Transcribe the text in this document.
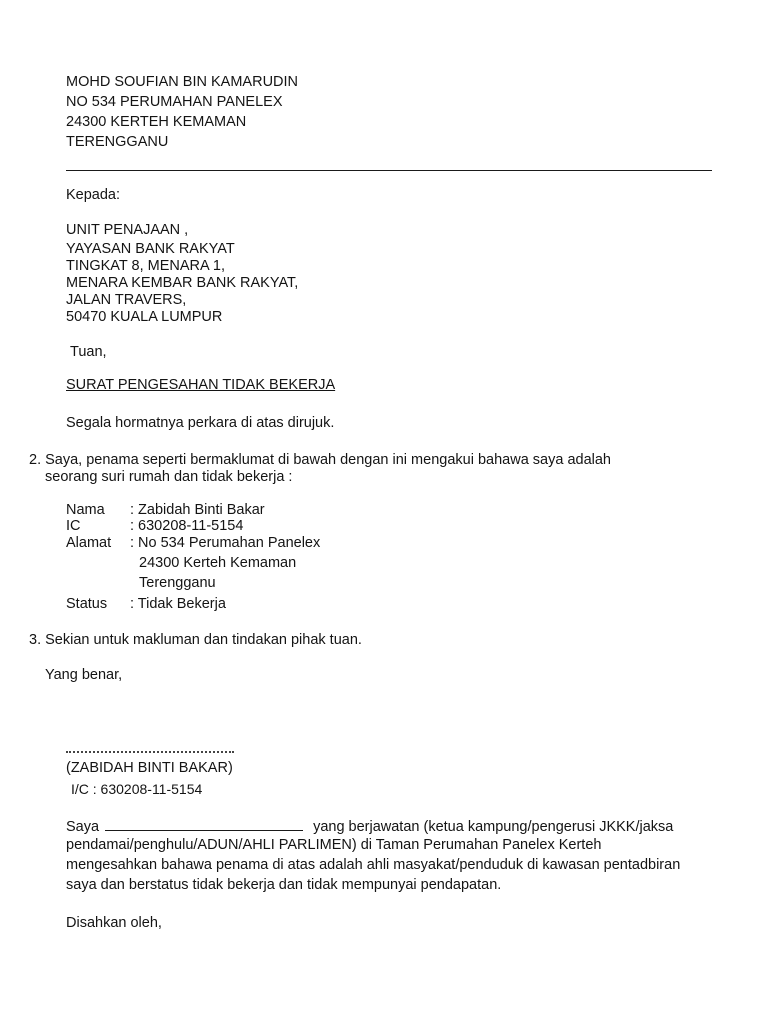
MOHD SOUFIAN BIN KAMARUDIN
NO 534 PERUMAHAN PANELEX
24300 KERTEH KEMAMAN
TERENGGANU
Kepada:
UNIT PENAJAAN ,
YAYASAN BANK RAKYAT
TINGKAT 8, MENARA 1,
MENARA KEMBAR BANK RAKYAT,
JALAN TRAVERS,
50470 KUALA LUMPUR
Tuan,
SURAT PENGESAHAN TIDAK BEKERJA
Segala hormatnya perkara di atas dirujuk.
2. Saya, penama seperti bermaklumat di bawah dengan ini mengakui bahawa saya adalah
seorang suri rumah dan tidak bekerja :
Nama	: Zabidah Binti Bakar
IC	: 630208-11-5154
Alamat	: No 534 Perumahan Panelex
24300 Kerteh Kemaman
Terengganu
Status	: Tidak Bekerja
3. Sekian untuk makluman dan tindakan pihak tuan.
Yang benar,
(ZABIDAH BINTI BAKAR)
I/C : 630208-11-5154
Saya	yang berjawatan (ketua kampung/pengerusi JKKK/jaksa
pendamai/penghulu/ADUN/AHLI PARLIMEN) di Taman Perumahan Panelex Kerteh
mengesahkan bahawa penama di atas adalah ahli masyakat/penduduk di kawasan pentadbiran
saya dan berstatus tidak bekerja dan tidak mempunyai pendapatan.
Disahkan oleh,
